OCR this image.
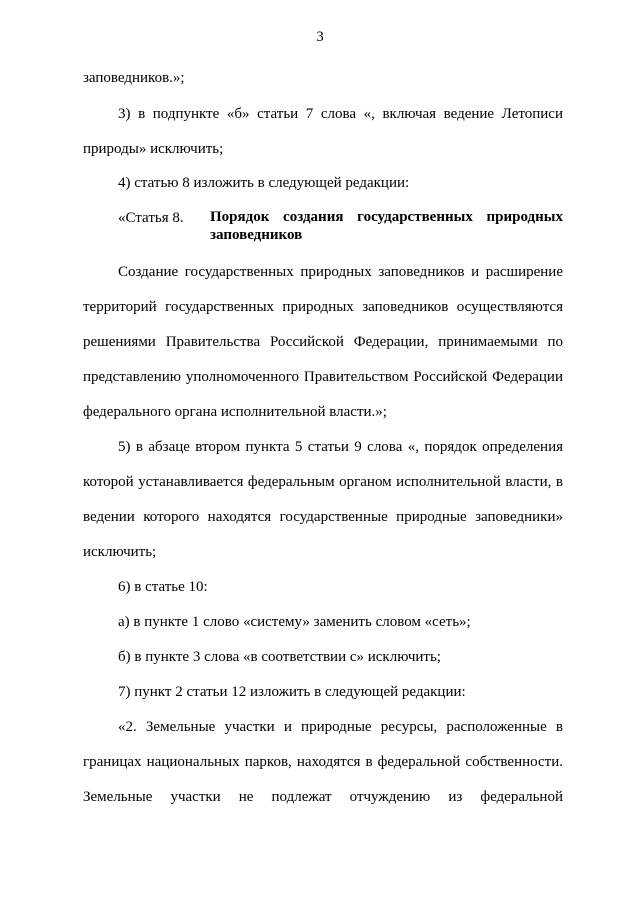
3
заповедников.»;
3) в подпункте «б» статьи 7 слова «, включая ведение Летописи
природы» исключить;
4) статью 8 изложить в следующей редакции:
«Статья 8. Порядок создания государственных природных
заповедников
Создание государственных природных заповедников и расширение
территорий государственных природных заповедников осуществляются
решениями Правительства Российской Федерации, принимаемыми по
представлению уполномоченного Правительством Российской Федерации
федерального органа исполнительной власти.»;
5) в абзаце втором пункта 5 статьи 9 слова «, порядок определения
которой устанавливается федеральным органом исполнительной власти, в
ведении которого находятся государственные природные заповедники»
исключить;
6) в статье 10:
а) в пункте 1 слово «систему» заменить словом «сеть»;
б) в пункте 3 слова «в соответствии с» исключить;
7) пункт 2 статьи 12 изложить в следующей редакции:
«2. Земельные участки и природные ресурсы, расположенные в
границах национальных парков, находятся в федеральной собственности.
Земельные участки не подлежат отчуждению из федеральной
